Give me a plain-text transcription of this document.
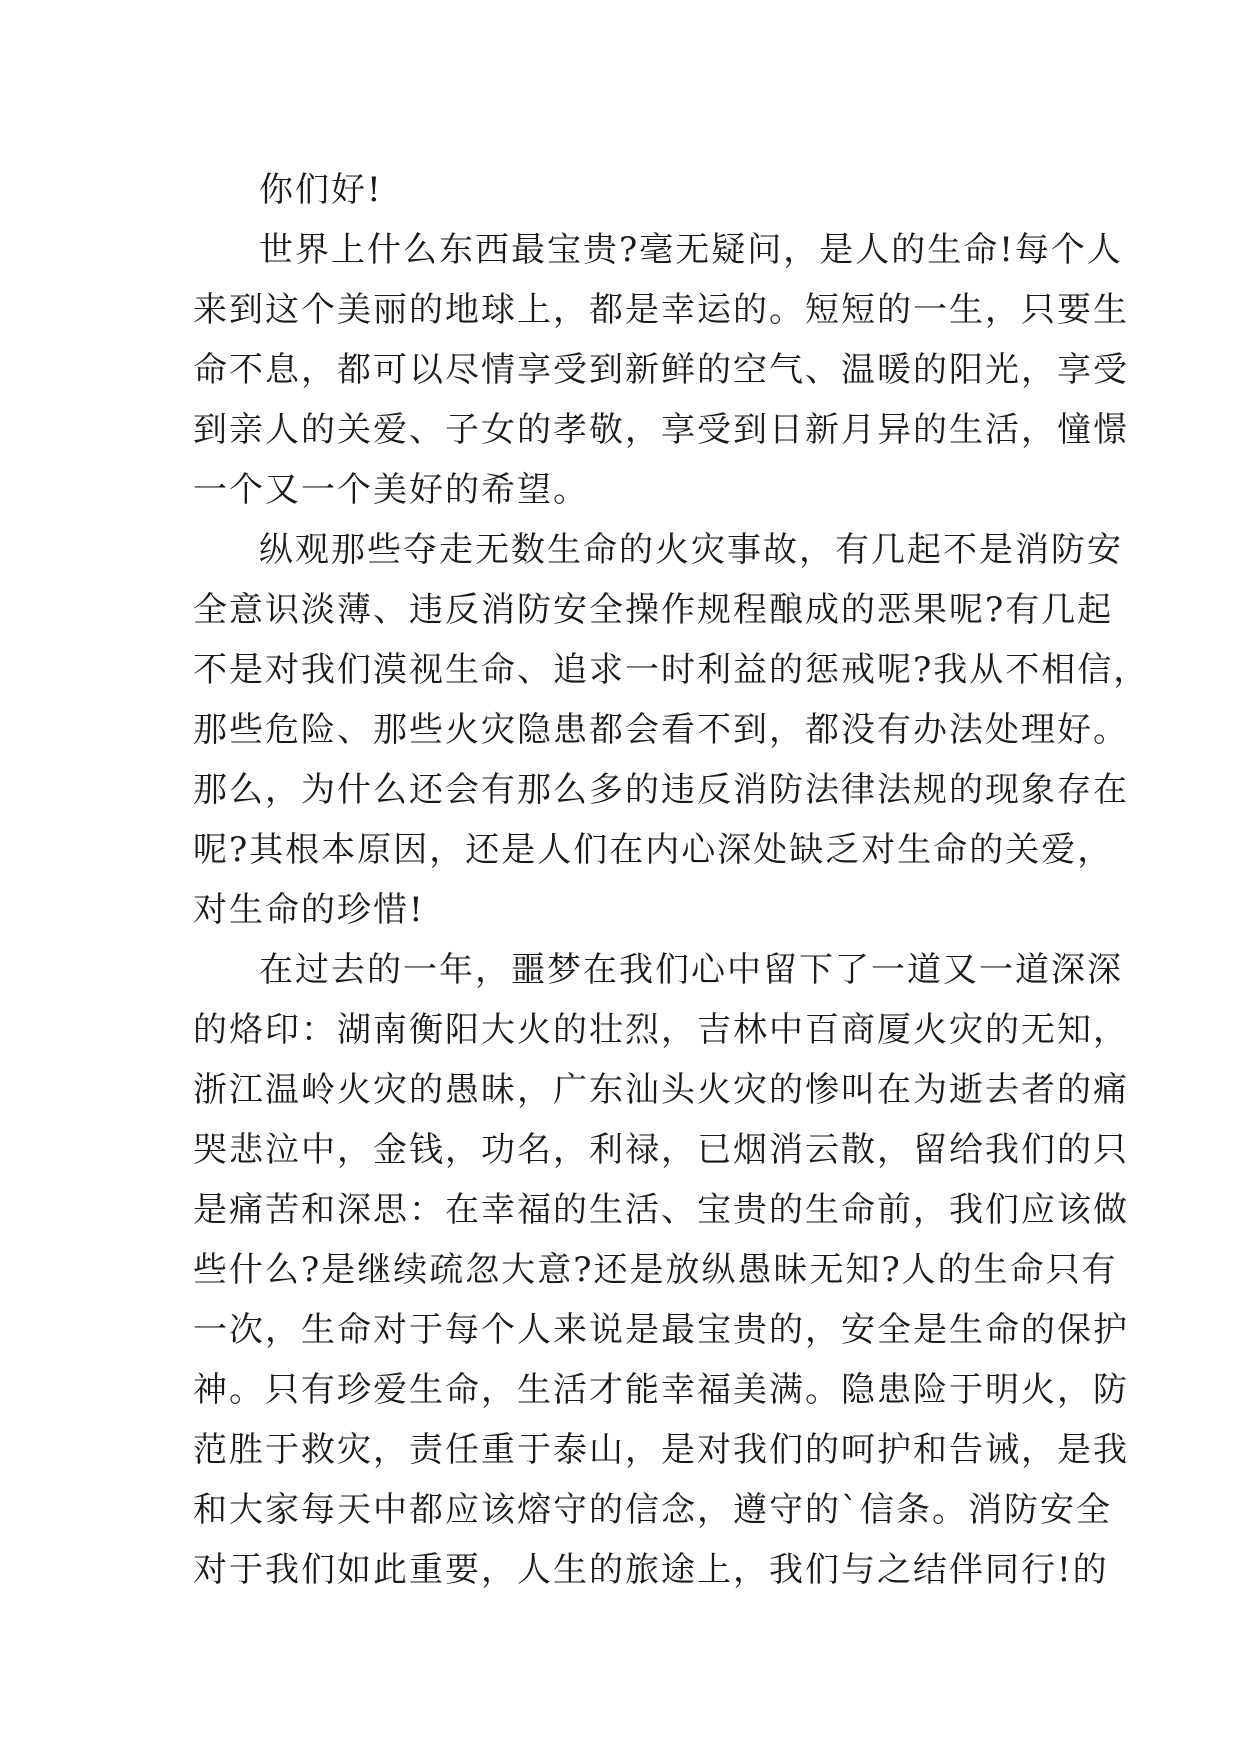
你们好!
世界上什么东西最宝贵?毫无疑问，是人的生命!每个人
来到这个美丽的地球上，都是幸运的。短短的一生，只要生
命不息，都可以尽情享受到新鲜的空气、温暖的阳光，享受
到亲人的关爱、子女的孝敬，享受到日新月异的生活，憧憬
一个又一个美好的希望。
纵观那些夺走无数生命的火灾事故，有几起不是消防安
全意识淡薄、违反消防安全操作规程酿成的恶果呢?有几起
不是对我们漠视生命、追求一时利益的惩戒呢?我从不相信，
那些危险、那些火灾隐患都会看不到，都没有办法处理好。
那么，为什么还会有那么多的违反消防法律法规的现象存在
呢?其根本原因，还是人们在内心深处缺乏对生命的关爱，
对生命的珍惜!
在过去的一年，噩梦在我们心中留下了一道又一道深深
的烙印：湖南衡阳大火的壮烈，吉林中百商厦火灾的无知，
浙江温岭火灾的愚昧，广东汕头火灾的惨叫在为逝去者的痛
哭悲泣中，金钱，功名，利禄，已烟消云散，留给我们的只
是痛苦和深思：在幸福的生活、宝贵的生命前，我们应该做
些什么?是继续疏忽大意?还是放纵愚昧无知?人的生命只有
一次，生命对于每个人来说是最宝贵的，安全是生命的保护
神。只有珍爱生命，生活才能幸福美满。隐患险于明火，防
范胜于救灾，责任重于泰山，是对我们的呵护和告诫，是我
和大家每天中都应该熔守的信念，遵守的`信条。消防安全
对于我们如此重要，人生的旅途上，我们与之结伴同行!的
